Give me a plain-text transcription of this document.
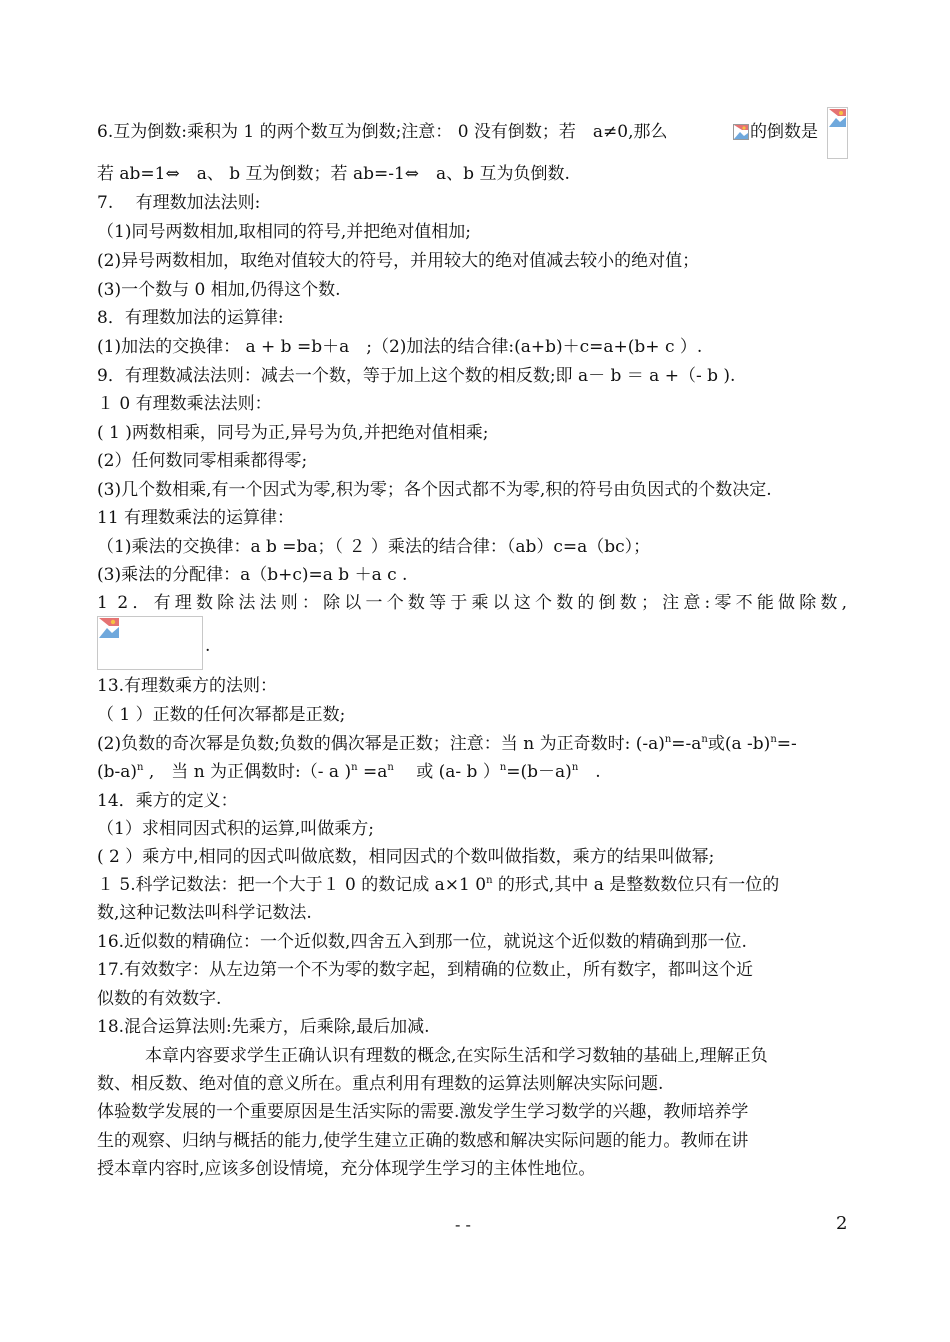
6.互为倒数:乘积为 1 的两个数互为倒数;注意： 0 没有倒数；若　a≠0,那么	的倒数是
若 ab=1⇔　a、 b 互为倒数；若 ab=-1⇔　a、b 互为负倒数.
7.　 有理数加法法则:
（1)同号两数相加,取相同的符号,并把绝对值相加;
(2)异号两数相加，取绝对值较大的符号，并用较大的绝对值减去较小的绝对值；
(3)一个数与 0 相加,仍得这个数.
8．有理数加法的运算律:
(1)加法的交换律： a + b =b＋a　;（2)加法的结合律:(a+b)＋c=a+(b+ c ）.
9．有理数减法法则：减去一个数，等于加上这个数的相反数;即 a－ b ＝ a +（- b ).
１ 0 有理数乘法法则：
( 1 )两数相乘，同号为正,异号为负,并把绝对值相乘;
(2）任何数同零相乘都得零;
(3)几个数相乘,有一个因式为零,积为零；各个因式都不为零,积的符号由负因式的个数决定.
11 有理数乘法的运算律：
（1)乘法的交换律：a b =ba；（ ２ ）乘法的结合律：（ab）c=a（bc）；
(3)乘法的分配律：a（b+c)=a b ＋a c .
1 2．有理数除法法则：除以一个数等于乘以这个数的倒数；注意:零不能做除数,
.
13.有理数乘方的法则：
（ 1 ）正数的任何次幂都是正数;
(2)负数的奇次幂是负数;负数的偶次幂是正数；注意：当 n 为正奇数时: $(-a)^n=-a^n$或(a -b)$^n$=-
$(b-a)^n$ ,　当 n 为正偶数时:（- a )$^n =a^n$　 或 (a- b ）$^n=(b-a)^n$　.
14．乘方的定义：
（1）求相同因式积的运算,叫做乘方;
( 2 ）乘方中,相同的因式叫做底数，相同因式的个数叫做指数，乘方的结果叫做幂;
１ 5.科学记数法：把一个大于１ 0 的数记成 a×1 0$^n$ 的形式,其中 a 是整数数位只有一位的
数,这种记数法叫科学记数法.
16.近似数的精确位：一个近似数,四舍五入到那一位，就说这个近似数的精确到那一位.
17.有效数字：从左边第一个不为零的数字起，到精确的位数止，所有数字，都叫这个近
似数的有效数字.
18.混合运算法则:先乘方，后乘除,最后加减.
本章内容要求学生正确认识有理数的概念,在实际生活和学习数轴的基础上,理解正负
数、相反数、绝对值的意义所在。重点利用有理数的运算法则解决实际问题.
体验数学发展的一个重要原因是生活实际的需要.激发学生学习数学的兴趣，教师培养学
生的观察、归纳与概括的能力,使学生建立正确的数感和解决实际问题的能力。教师在讲
授本章内容时,应该多创设情境，充分体现学生学习的主体性地位。
- -	2
